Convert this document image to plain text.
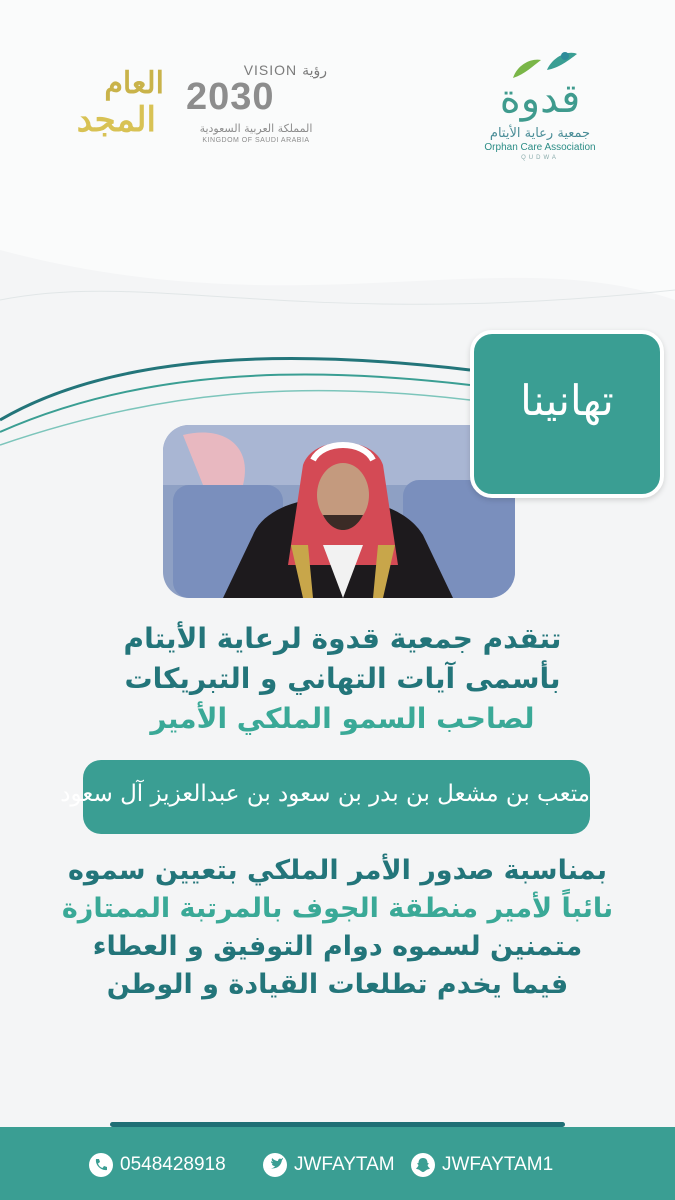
قدوة
جمعية رعاية الأيتام
Orphan Care Association
QUDWA
VISION رؤية
2030
المملكة العربية السعودية
KINGDOM OF SAUDI ARABIA
العام
المجد
تهانينا
تتقدم جمعية قدوة لرعاية الأيتام
بأسمى آيات التهاني و التبريكات
لصاحب السمو الملكي الأمير
متعب بن مشعل بن بدر بن سعود بن عبدالعزيز آل سعود
بمناسبة صدور الأمر الملكي بتعيين سموه
نائباً لأمير منطقة الجوف بالمرتبة الممتازة
متمنين لسموه دوام التوفيق و العطاء
فيما يخدم تطلعات القيادة و الوطن
0548428918	JWFAYTAM JWFAYTAM1
